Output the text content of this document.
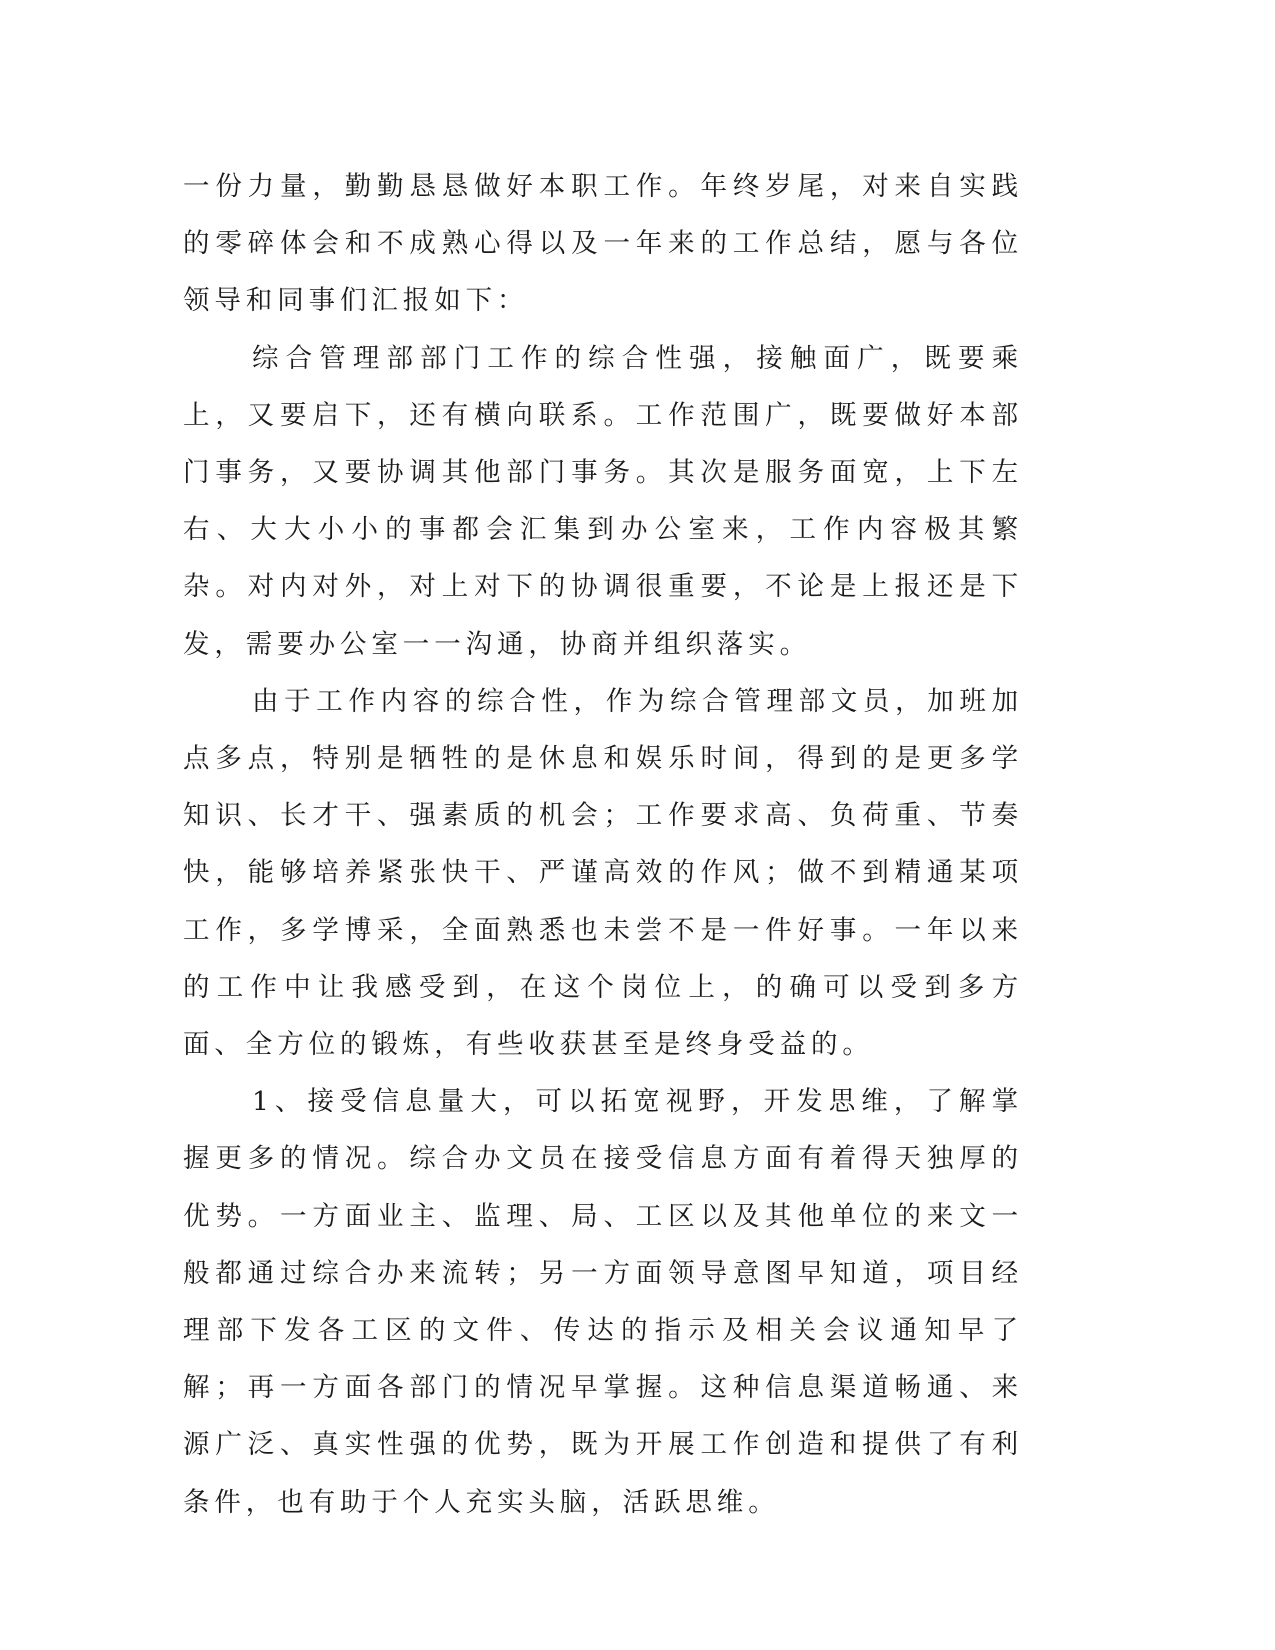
一份力量，勤勤恳恳做好本职工作。年终岁尾，对来自实践的零碎体会和不成熟心得以及一年来的工作总结，愿与各位领导和同事们汇报如下：

综合管理部部门工作的综合性强，接触面广，既要乘上，又要启下，还有横向联系。工作范围广，既要做好本部门事务，又要协调其他部门事务。其次是服务面宽，上下左右、大大小小的事都会汇集到办公室来，工作内容极其繁杂。对内对外，对上对下的协调很重要，不论是上报还是下发，需要办公室一一沟通，协商并组织落实。

由于工作内容的综合性，作为综合管理部文员，加班加点多点，特别是牺牲的是休息和娱乐时间，得到的是更多学知识、长才干、强素质的机会；工作要求高、负荷重、节奏快，能够培养紧张快干、严谨高效的作风；做不到精通某项工作，多学博采，全面熟悉也未尝不是一件好事。一年以来的工作中让我感受到，在这个岗位上，的确可以受到多方面、全方位的锻炼，有些收获甚至是终身受益的。

1、接受信息量大，可以拓宽视野，开发思维，了解掌握更多的情况。综合办文员在接受信息方面有着得天独厚的优势。一方面业主、监理、局、工区以及其他单位的来文一般都通过综合办来流转；另一方面领导意图早知道，项目经理部下发各工区的文件、传达的指示及相关会议通知早了解；再一方面各部门的情况早掌握。这种信息渠道畅通、来源广泛、真实性强的优势，既为开展工作创造和提供了有利条件，也有助于个人充实头脑，活跃思维。
